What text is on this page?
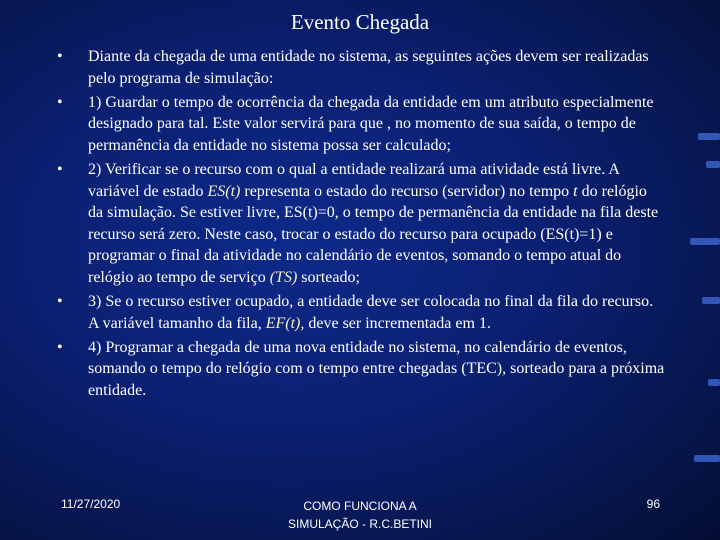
Evento Chegada
• Diante da chegada de uma entidade no sistema, as seguintes ações devem ser realizadas pelo programa de simulação:
• 1) Guardar o tempo de ocorrência da chegada da entidade em um atributo especialmente designado para tal. Este valor servirá para que , no momento de sua saída, o tempo de permanência da entidade no sistema possa ser calculado;
• 2) Verificar se o recurso com o qual a entidade realizará uma atividade está livre. A variável de estado ES(t) representa o estado do recurso (servidor) no tempo t do relógio da simulação. Se estiver livre, ES(t)=0, o tempo de permanência da entidade na fila deste recurso será zero. Neste caso, trocar o estado do recurso para ocupado (ES(t)=1) e programar o final da atividade no calendário de eventos, somando o tempo atual do relógio ao tempo de serviço (TS) sorteado;
• 3) Se o recurso estiver ocupado, a entidade deve ser colocada no final da fila do recurso. A variável tamanho da fila, EF(t), deve ser incrementada em 1.
• 4) Programar a chegada de uma nova entidade no sistema, no calendário de eventos, somando o tempo do relógio com o tempo entre chegadas (TEC), sorteado para a próxima entidade.
11/27/2020	COMO FUNCIONA A
SIMULAÇÃO - R.C.BETINI
96
